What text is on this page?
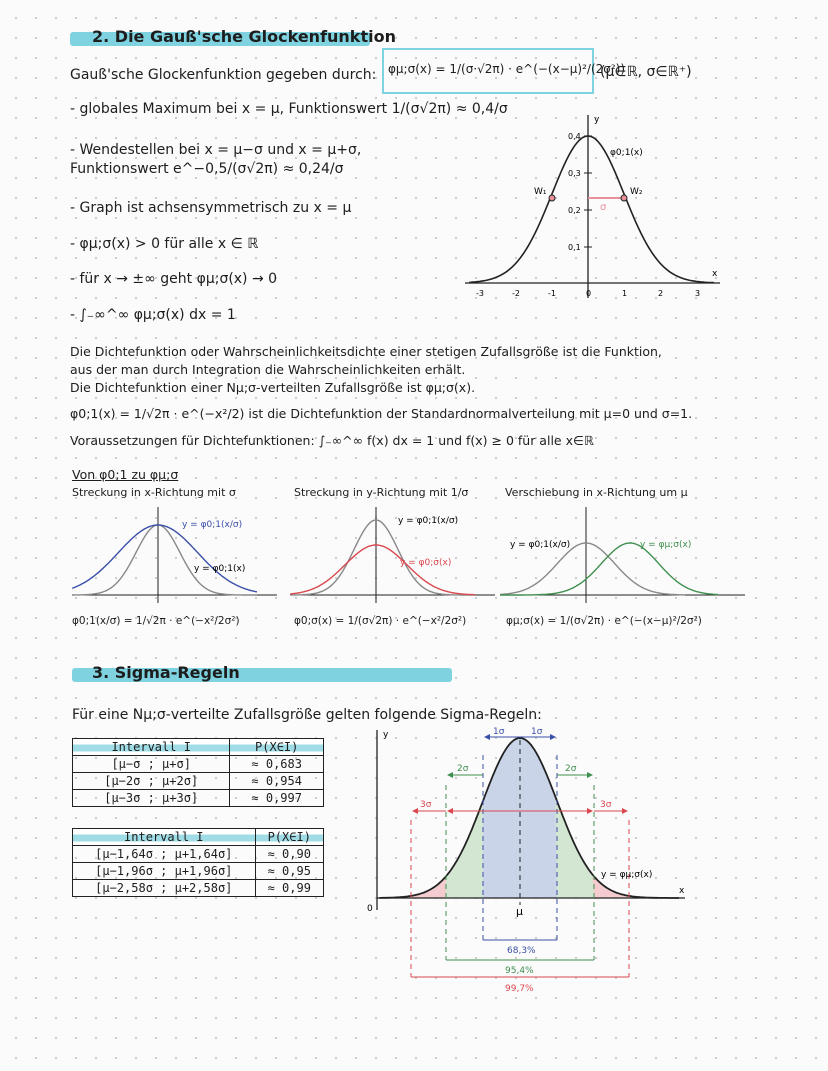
2. Die Gauß'sche Glockenfunktion
Gauß'sche Glockenfunktion gegeben durch: φμ;σ(x) = 1/(σ·√2π) · e^(−(x−μ)²/(2σ²))
(μ∈ℝ, σ∈ℝ⁺)
- globales Maximum bei x = μ, Funktionswert 1/(σ√2π) ≈ 0,4/σ
- Wendestellen bei x = μ−σ und x = μ+σ,
Funktionswert e^−0,5/(σ√2π) ≈ 0,24/σ
- Graph ist achsensymmetrisch zu x = μ
- φμ;σ(x) > 0 für alle x ∈ ℝ
- für x → ±∞ geht φμ;σ(x) → 0
- ∫₋∞^∞ φμ;σ(x) dx = 1
0,4
0,3
0,2
0,1
-3	-2	-1	0	1	2	3
σ
W₁	W₂
φ0;1(x)
y
x
Die Dichtefunktion oder Wahrscheinlichkeitsdichte einer stetigen Zufallsgröße ist die Funktion,
aus der man durch Integration die Wahrscheinlichkeiten erhält.
Die Dichtefunktion einer Nμ;σ-verteilten Zufallsgröße ist φμ;σ(x).
φ0;1(x) = 1/√2π · e^(−x²/2) ist die Dichtefunktion der Standardnormalverteilung mit μ=0 und σ=1.
Voraussetzungen für Dichtefunktionen: ∫₋∞^∞ f(x) dx = 1 und f(x) ≥ 0 für alle x∈ℝ
Von φ0;1 zu φμ;σ
Streckung in x-Richtung mit σ	Streckung in y-Richtung mit 1/σ	Verschiebung in x-Richtung um μ
y = φ0;1(x/σ)
y = φ0;1(x)
y = φ0;1(x/σ)
y = φ0;σ(x)
y = φ0;1(x/σ)	y = φμ;σ(x)
φ0;1(x/σ) = 1/√2π · e^(−x²/2σ²)	φ0;σ(x) = 1/(σ√2π) · e^(−x²/2σ²)	φμ;σ(x) = 1/(σ√2π) · e^(−(x−μ)²/2σ²)
3. Sigma-Regeln
Für eine Nμ;σ-verteilte Zufallsgröße gelten folgende Sigma-Regeln:
Intervall I	P(X∈I)
[μ−σ ; μ+σ]	≈ 0,683
[μ−2σ ; μ+2σ]	≈ 0,954
[μ−3σ ; μ+3σ]	≈ 0,997
Intervall I	P(X∈I)
[μ−1,64σ ; μ+1,64σ]	≈ 0,90
[μ−1,96σ ; μ+1,96σ]	≈ 0,95
[μ−2,58σ ; μ+2,58σ]	≈ 0,99
1σ	1σ
2σ	2σ
3σ	3σ
68,3%
95,4%
99,7%
μ
0
y
x
y = φμ;σ(x)
